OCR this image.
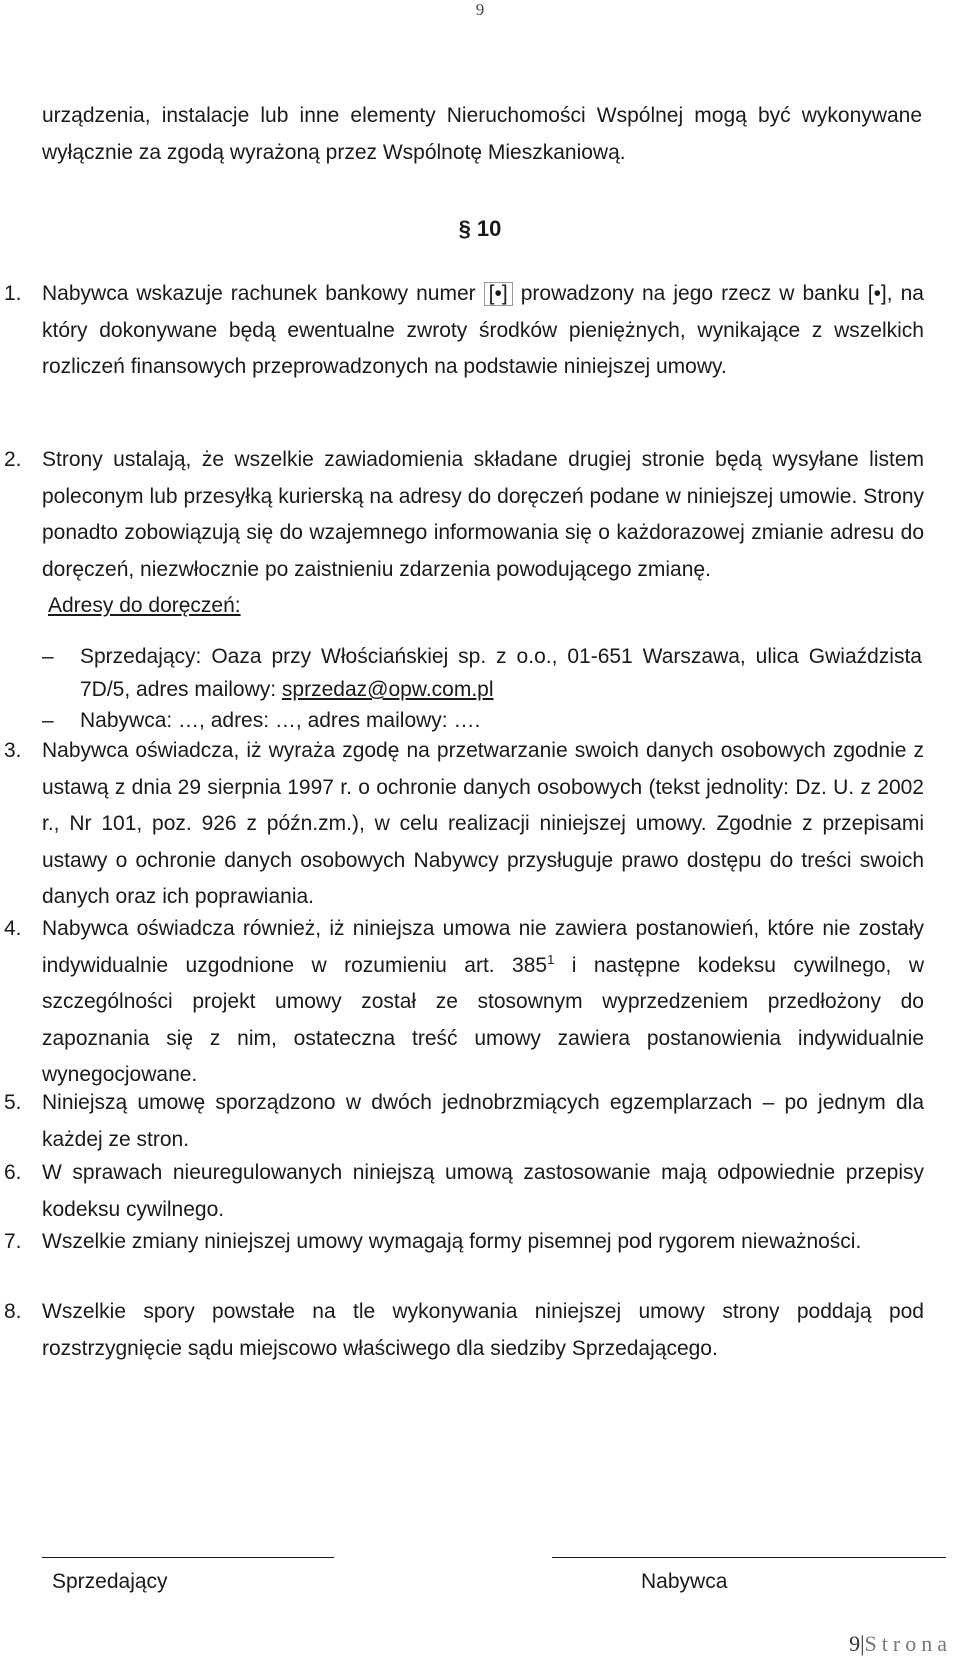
9
urządzenia, instalacje lub inne elementy Nieruchomości Wspólnej mogą być wykonywane wyłącznie za zgodą wyrażoną przez Wspólnotę Mieszkaniową.
§ 10
1. Nabywca wskazuje rachunek bankowy numer [•] prowadzony na jego rzecz w banku [•], na który dokonywane będą ewentualne zwroty środków pieniężnych, wynikające z wszelkich rozliczeń finansowych przeprowadzonych na podstawie niniejszej umowy.
2. Strony ustalają, że wszelkie zawiadomienia składane drugiej stronie będą wysyłane listem poleconym lub przesyłką kurierską na adresy do doręczeń podane w niniejszej umowie. Strony ponadto zobowiązują się do wzajemnego informowania się o każdorazowej zmianie adresu do doręczeń, niezwłocznie po zaistnieniu zdarzenia powodującego zmianę.
Adresy do doręczeń:
– Sprzedający: Oaza przy Włościańskiej sp. z o.o., 01-651 Warszawa, ulica Gwiaździsta 7D/5, adres mailowy: sprzedaz@opw.com.pl
– Nabywca: …, adres: …, adres mailowy: ….
3. Nabywca oświadcza, iż wyraża zgodę na przetwarzanie swoich danych osobowych zgodnie z ustawą z dnia 29 sierpnia 1997 r. o ochronie danych osobowych (tekst jednolity: Dz. U. z 2002 r., Nr 101, poz. 926 z późn.zm.), w celu realizacji niniejszej umowy. Zgodnie z przepisami ustawy o ochronie danych osobowych Nabywcy przysługuje prawo dostępu do treści swoich danych oraz ich poprawiania.
4. Nabywca oświadcza również, iż niniejsza umowa nie zawiera postanowień, które nie zostały indywidualnie uzgodnione w rozumieniu art. $385^1$ i następne kodeksu cywilnego, w szczególności projekt umowy został ze stosownym wyprzedzeniem przedłożony do zapoznania się z nim, ostateczna treść umowy zawiera postanowienia indywidualnie wynegocjowane.
5. Niniejszą umowę sporządzono w dwóch jednobrzmiących egzemplarzach – po jednym dla każdej ze stron.
6. W sprawach nieuregulowanych niniejszą umową zastosowanie mają odpowiednie przepisy kodeksu cywilnego.
7. Wszelkie zmiany niniejszej umowy wymagają formy pisemnej pod rygorem nieważności.
8. Wszelkie spory powstałe na tle wykonywania niniejszej umowy strony poddają pod rozstrzygnięcie sądu miejscowo właściwego dla siedziby Sprzedającego.
Sprzedający	Nabywca
9|Strona
